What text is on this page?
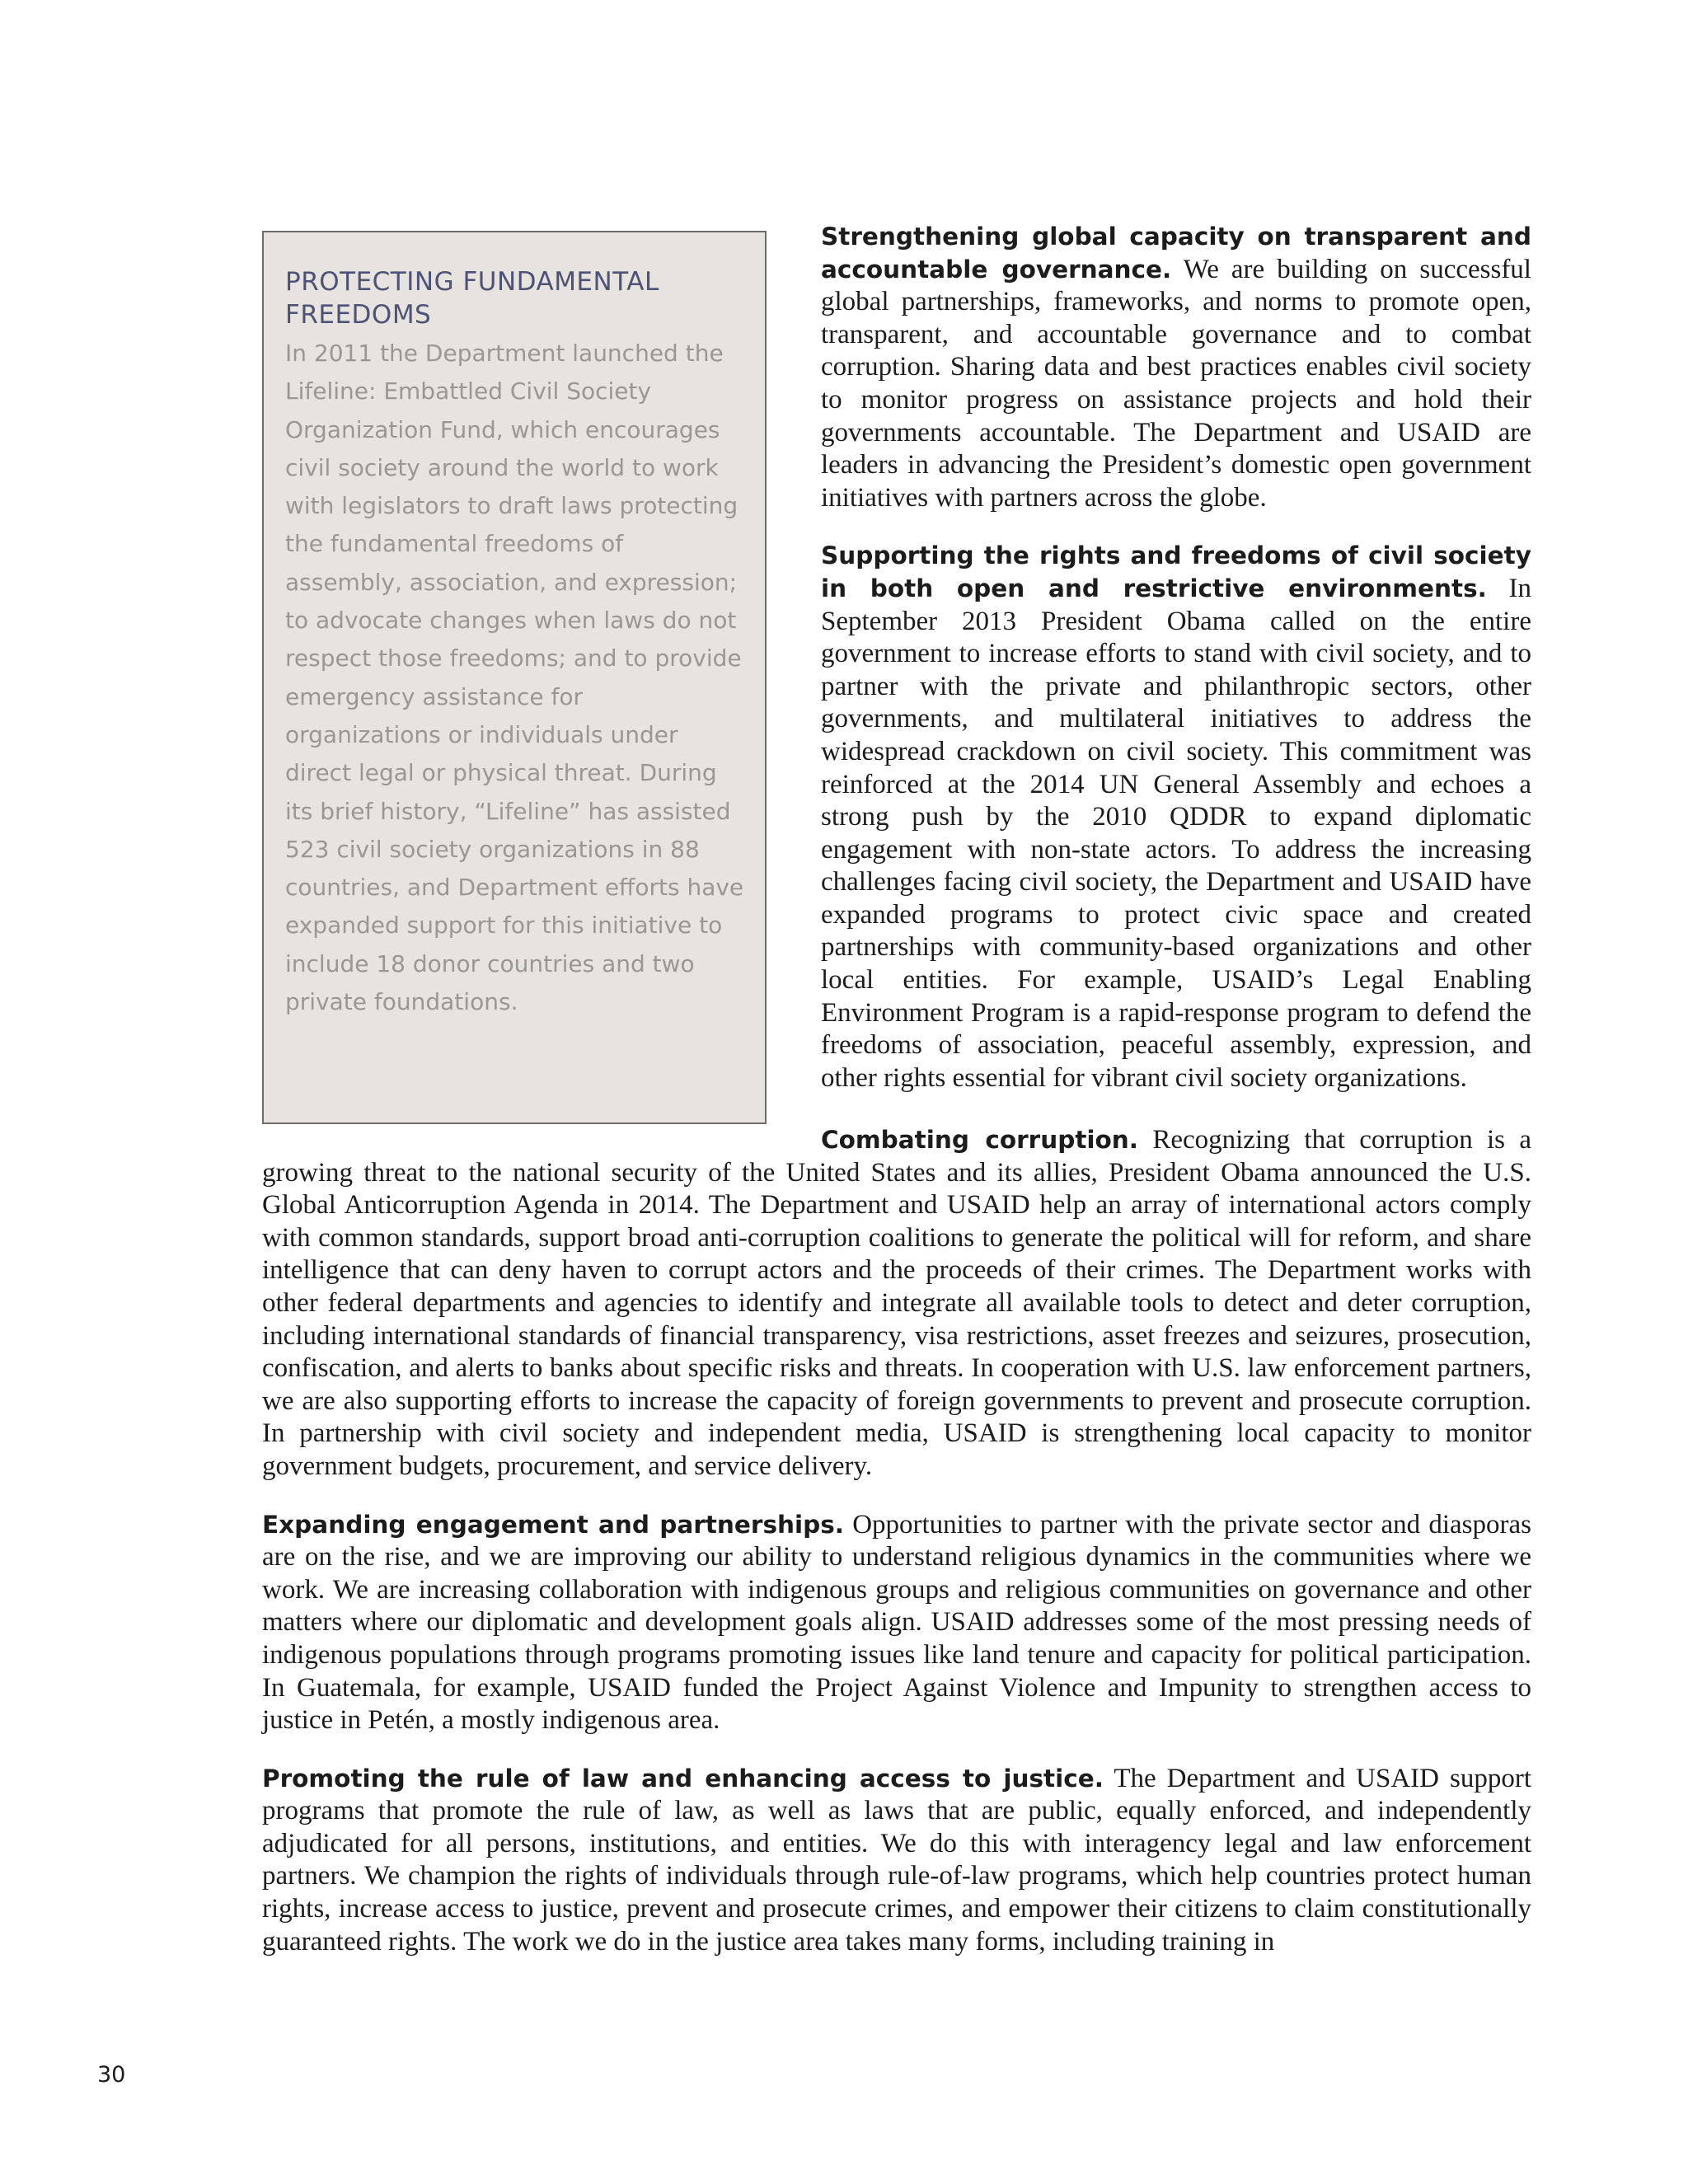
PROTECTING FUNDAMENTAL FREEDOMS

In 2011 the Department launched the Lifeline: Embattled Civil Society Organization Fund, which encourages civil society around the world to work with legislators to draft laws protecting the fundamental freedoms of assembly, association, and expression; to advocate changes when laws do not respect those freedoms; and to provide emergency assistance for organizations or individuals under direct legal or physical threat. During its brief history, “Lifeline” has assisted 523 civil society organizations in 88 countries, and Department efforts have expanded support for this initiative to include 18 donor countries and two private foundations.

Strengthening global capacity on transparent and accountable governance. We are building on successful global partnerships, frameworks, and norms to promote open, transparent, and accountable governance and to combat corruption. Sharing data and best practices enables civil society to monitor progress on assistance projects and hold their governments accountable. The Department and USAID are leaders in advancing the President’s domestic open government initiatives with partners across the globe.

Supporting the rights and freedoms of civil society in both open and restrictive environments. In September 2013 President Obama called on the entire government to increase efforts to stand with civil society, and to partner with the private and philanthropic sectors, other governments, and multilateral initiatives to address the widespread crackdown on civil society. This commitment was reinforced at the 2014 UN General Assembly and echoes a strong push by the 2010 QDDR to expand diplomatic engagement with non-state actors. To address the increasing challenges facing civil society, the Department and USAID have expanded programs to protect civic space and created partnerships with community-based organizations and other local entities. For example, USAID’s Legal Enabling Environment Program is a rapid-response program to defend the freedoms of association, peaceful assembly, expression, and other rights essential for vibrant civil society organizations.

Combating corruption. Recognizing that corruption is a growing threat to the national security of the United States and its allies, President Obama announced the U.S. Global Anticorruption Agenda in 2014. The Department and USAID help an array of international actors comply with common standards, support broad anti-corruption coalitions to generate the political will for reform, and share intelligence that can deny haven to corrupt actors and the proceeds of their crimes. The Department works with other federal departments and agencies to identify and integrate all available tools to detect and deter corruption, including international standards of financial transparency, visa restrictions, asset freezes and seizures, prosecution, confiscation, and alerts to banks about specific risks and threats. In cooperation with U.S. law enforcement partners, we are also supporting efforts to increase the capacity of foreign governments to prevent and prosecute corruption. In partnership with civil society and independent media, USAID is strengthening local capacity to monitor government budgets, procurement, and service delivery.

Expanding engagement and partnerships. Opportunities to partner with the private sector and diasporas are on the rise, and we are improving our ability to understand religious dynamics in the communities where we work. We are increasing collaboration with indigenous groups and religious communities on governance and other matters where our diplomatic and development goals align. USAID addresses some of the most pressing needs of indigenous populations through programs promoting issues like land tenure and capacity for political participation. In Guatemala, for example, USAID funded the Project Against Violence and Impunity to strengthen access to justice in Petén, a mostly indigenous area.

Promoting the rule of law and enhancing access to justice. The Department and USAID support programs that promote the rule of law, as well as laws that are public, equally enforced, and independently adjudicated for all persons, institutions, and entities. We do this with interagency legal and law enforcement partners. We champion the rights of individuals through rule-of-law programs, which help countries protect human rights, increase access to justice, prevent and prosecute crimes, and empower their citizens to claim constitutionally guaranteed rights. The work we do in the justice area takes many forms, including training in

30
